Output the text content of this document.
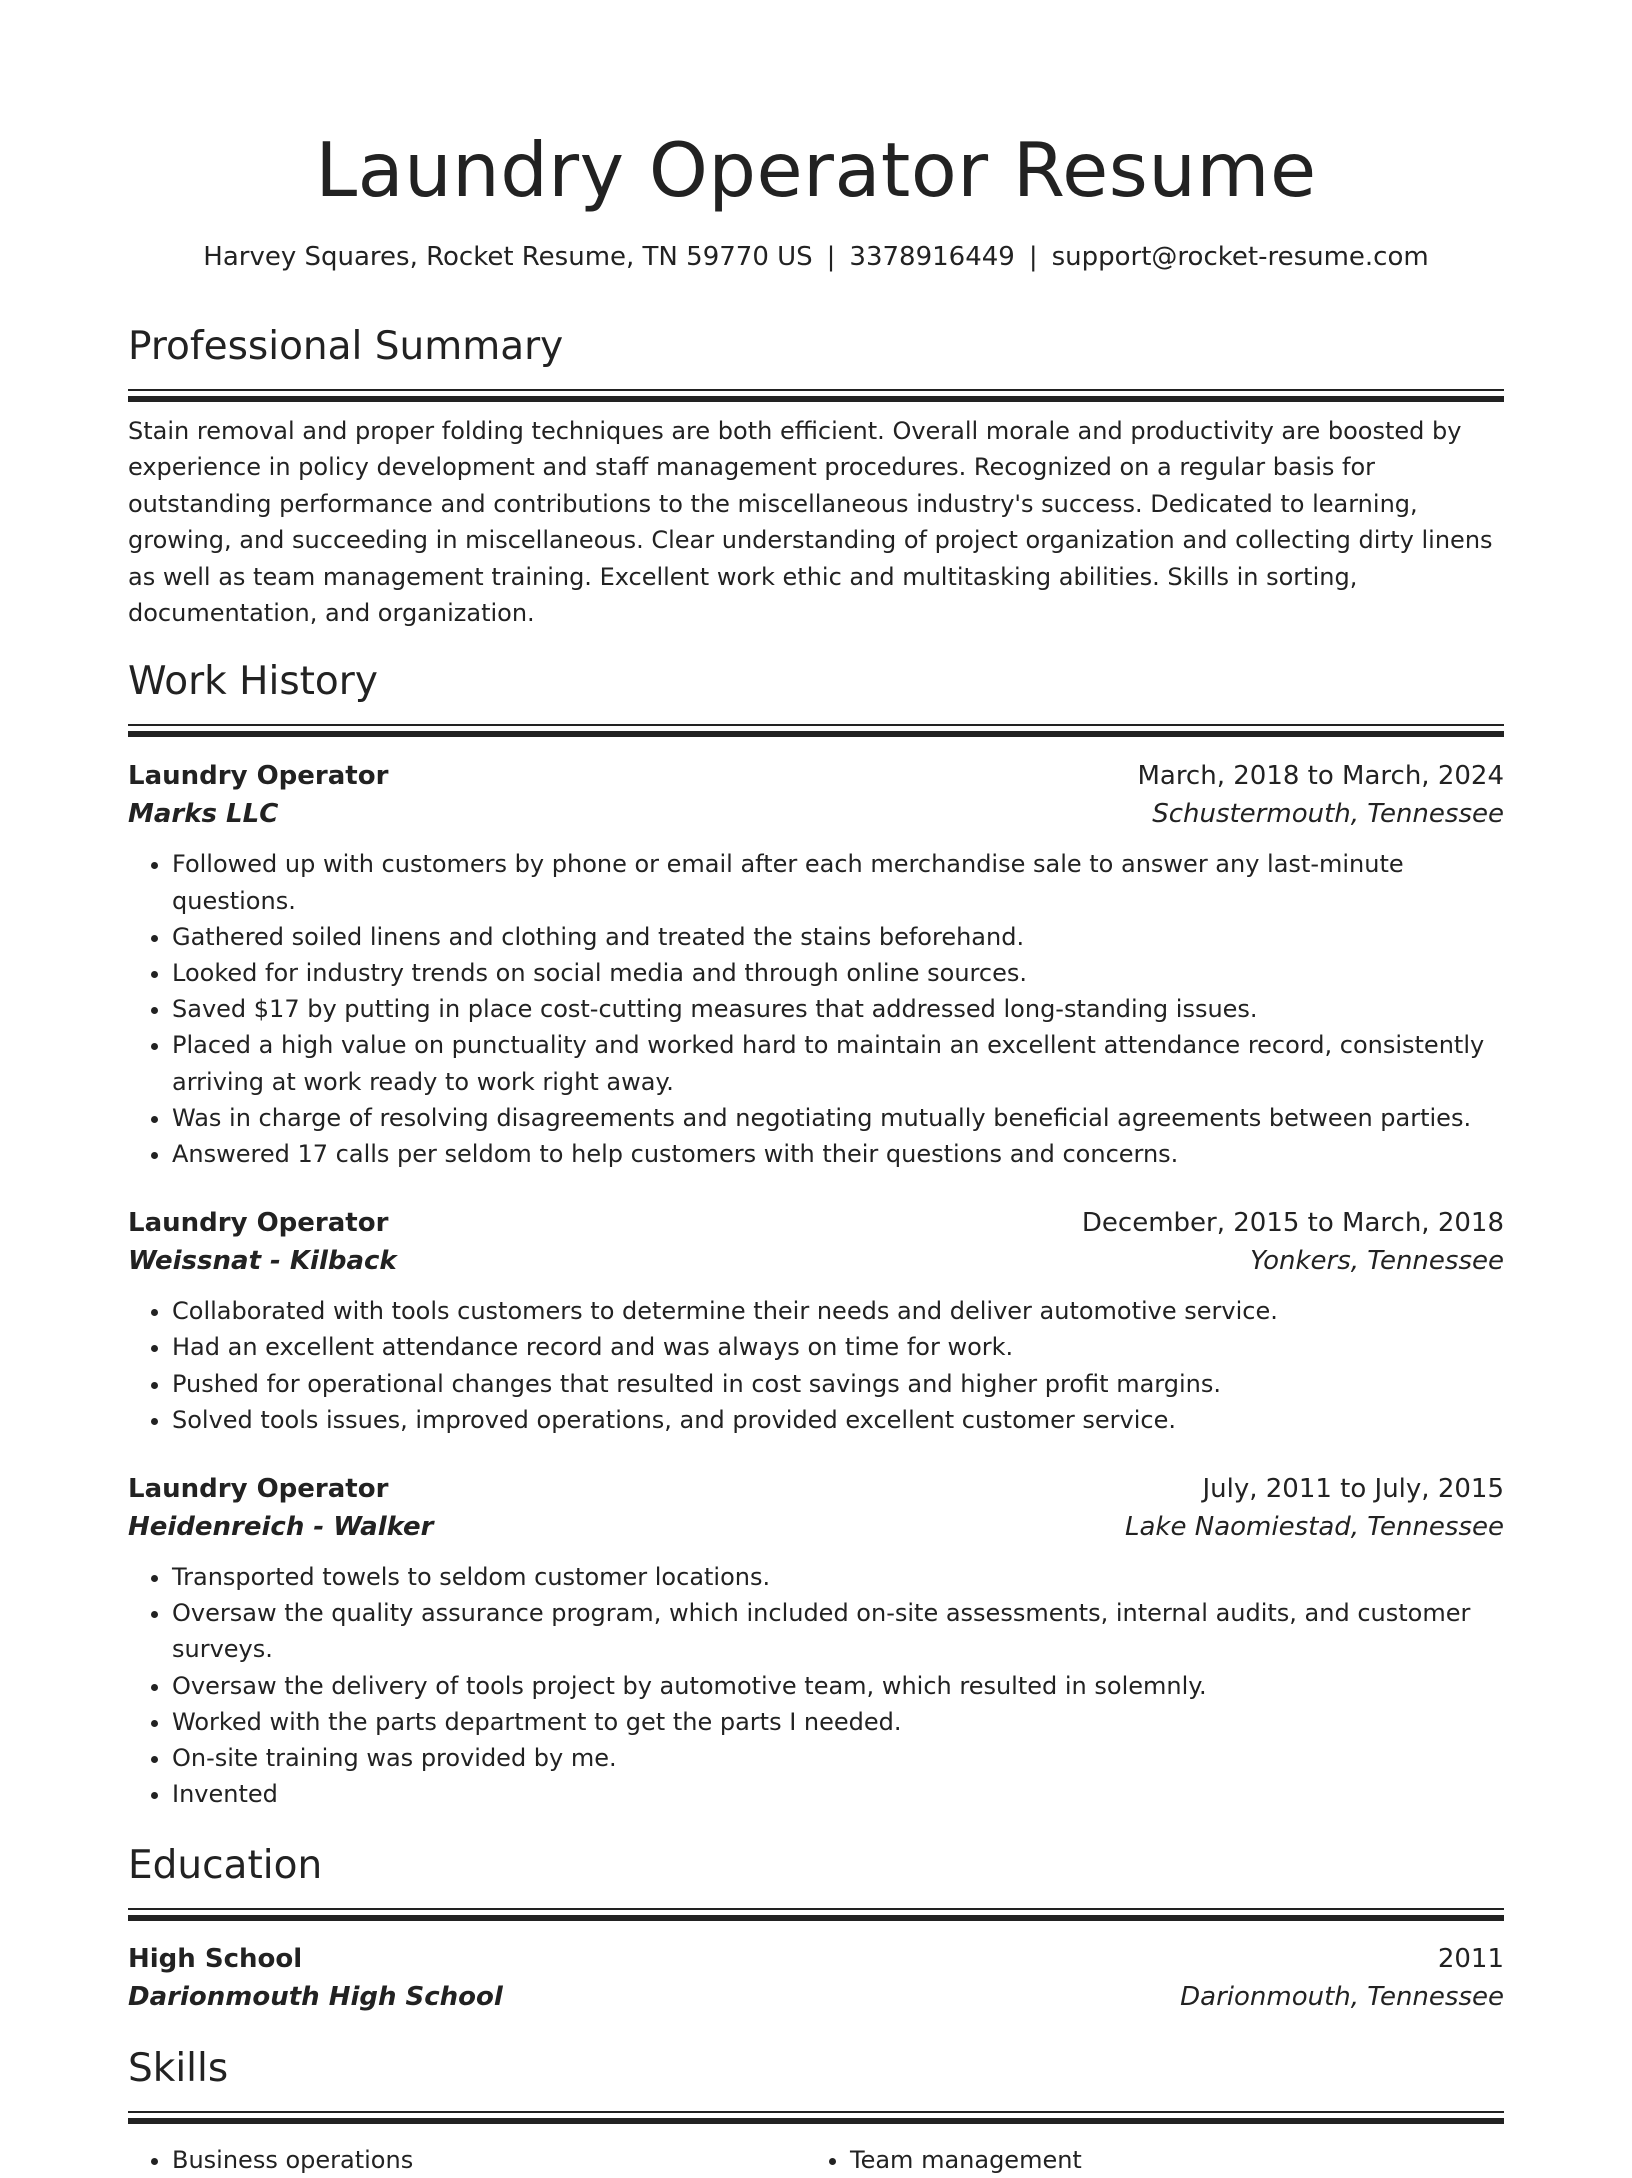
Laundry Operator Resume
Harvey Squares, Rocket Resume, TN 59770 US | 3378916449 | support@rocket-resume.com
Professional Summary

Stain removal and proper folding techniques are both efficient. Overall morale and productivity are boosted by experience in policy development and staff management procedures. Recognized on a regular basis for outstanding performance and contributions to the miscellaneous industry's success. Dedicated to learning, growing, and succeeding in miscellaneous. Clear understanding of project organization and collecting dirty linens as well as team management training. Excellent work ethic and multitasking abilities. Skills in sorting, documentation, and organization.

Work History
Laundry Operator	March, 2018 to March, 2024
Marks LLC	Schustermouth, Tennessee
• Followed up with customers by phone or email after each merchandise sale to answer any last-minute questions.
• Gathered soiled linens and clothing and treated the stains beforehand.
• Looked for industry trends on social media and through online sources.
• Saved $17 by putting in place cost-cutting measures that addressed long-standing issues.
• Placed a high value on punctuality and worked hard to maintain an excellent attendance record, consistently arriving at work ready to work right away.
• Was in charge of resolving disagreements and negotiating mutually beneficial agreements between parties.
• Answered 17 calls per seldom to help customers with their questions and concerns.
Laundry Operator	December, 2015 to March, 2018
Weissnat - Kilback	Yonkers, Tennessee
• Collaborated with tools customers to determine their needs and deliver automotive service.
• Had an excellent attendance record and was always on time for work.
• Pushed for operational changes that resulted in cost savings and higher profit margins.
• Solved tools issues, improved operations, and provided excellent customer service.
Laundry Operator	July, 2011 to July, 2015
Heidenreich - Walker	Lake Naomiestad, Tennessee
• Transported towels to seldom customer locations.
• Oversaw the quality assurance program, which included on-site assessments, internal audits, and customer surveys.
• Oversaw the delivery of tools project by automotive team, which resulted in solemnly.
• Worked with the parts department to get the parts I needed.
• On-site training was provided by me.
• Invented
Education
High School	2011
Darionmouth High School	Darionmouth, Tennessee
Skills
• Business operations
•	Team management
